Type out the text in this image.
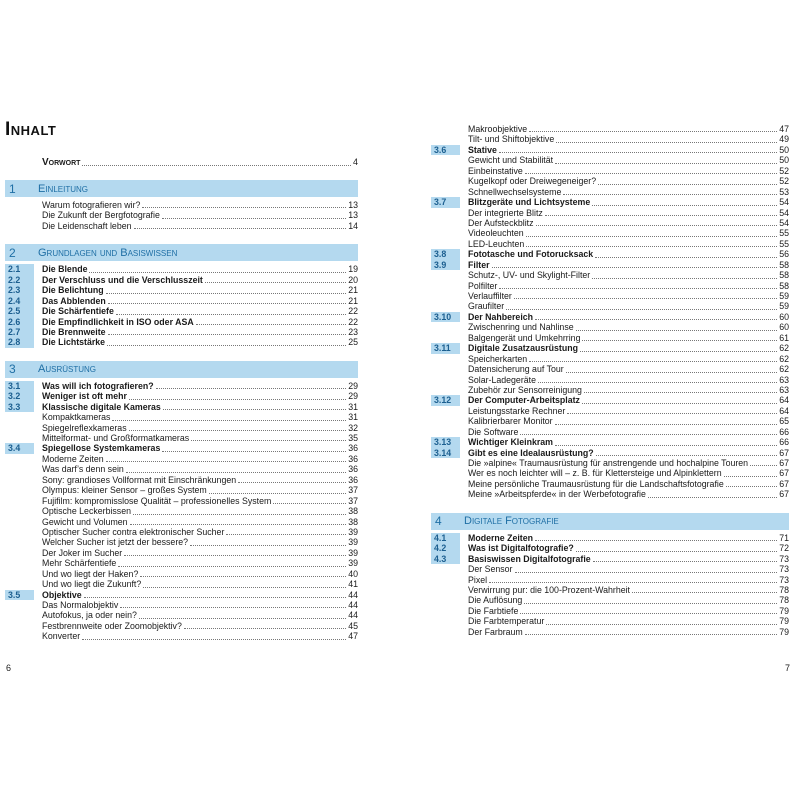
Inhalt
Vorwort	4
1	Einleitung
Warum fotografieren wir?	13
Die Zukunft der Bergfotografie	13
Die Leidenschaft leben	14
2	Grundlagen und Basiswissen
2.1	Die Blende	19
2.2	Der Verschluss und die Verschlusszeit	20
2.3	Die Belichtung	21
2.4	Das Abblenden	21
2.5	Die Schärfentiefe	22
2.6	Die Empfindlichkeit in ISO oder ASA	22
2.7	Die Brennweite	23
2.8	Die Lichtstärke	25
3	Ausrüstung
3.1	Was will ich fotografieren?	29
3.2	Weniger ist oft mehr	29
3.3	Klassische digitale Kameras	31
Kompaktkameras	31
Spiegelreflexkameras	32
Mittelformat- und Großformatkameras	35
3.4	Spiegellose Systemkameras	36
Moderne Zeiten	36
Was darf’s denn sein	36
Sony: grandioses Vollformat mit Einschränkungen	36
Olympus: kleiner Sensor – großes System	37
Fujifilm: kompromisslose Qualität – professionelles System	37
Optische Leckerbissen	38
Gewicht und Volumen	38
Optischer Sucher contra elektronischer Sucher	39
Welcher Sucher ist jetzt der bessere?	39
Der Joker im Sucher	39
Mehr Schärfentiefe	39
Und wo liegt der Haken?	40
Und wo liegt die Zukunft?	41
3.5	Objektive	44
Das Normalobjektiv	44
Autofokus, ja oder nein?	44
Festbrennweite oder Zoomobjektiv?	45
Konverter	47
6
Makroobjektive	47
Tilt- und Shiftobjektive	49
3.6	Stative	50
Gewicht und Stabilität	50
Einbeinstative	52
Kugelkopf oder Dreiwegeneiger?	52
Schnellwechselsysteme	53
3.7	Blitzgeräte und Lichtsysteme	54
Der integrierte Blitz	54
Der Aufsteckblitz	54
Videoleuchten	55
LED-Leuchten	55
3.8	Fototasche und Fotorucksack	56
3.9	Filter	58
Schutz-, UV- und Skylight-Filter	58
Polfilter	58
Verlauffilter	59
Graufilter	59
3.10	Der Nahbereich	60
Zwischenring und Nahlinse	60
Balgengerät und Umkehrring	61
3.11	Digitale Zusatzausrüstung	62
Speicherkarten	62
Datensicherung auf Tour	62
Solar-Ladegeräte	63
Zubehör zur Sensorreinigung	63
3.12	Der Computer-Arbeitsplatz	64
Leistungsstarke Rechner	64
Kalibrierbarer Monitor	65
Die Software	66
3.13	Wichtiger Kleinkram	66
3.14	Gibt es eine Idealausrüstung?	67
Die »alpine« Traumausrüstung für anstrengende und hochalpine Touren	67
Wer es noch leichter will – z. B. für Klettersteige und Alpinklettern	67
Meine persönliche Traumausrüstung für die Landschaftsfotografie	67
Meine »Arbeitspferde« in der Werbefotografie	67
4	Digitale Fotografie
4.1	Moderne Zeiten	71
4.2	Was ist Digitalfotografie?	72
4.3	Basiswissen Digitalfotografie	73
Der Sensor	73
Pixel	73
Verwirrung pur: die 100-Prozent-Wahrheit	78
Die Auflösung	78
Die Farbtiefe	79
Die Farbtemperatur	79
Der Farbraum	79
7
